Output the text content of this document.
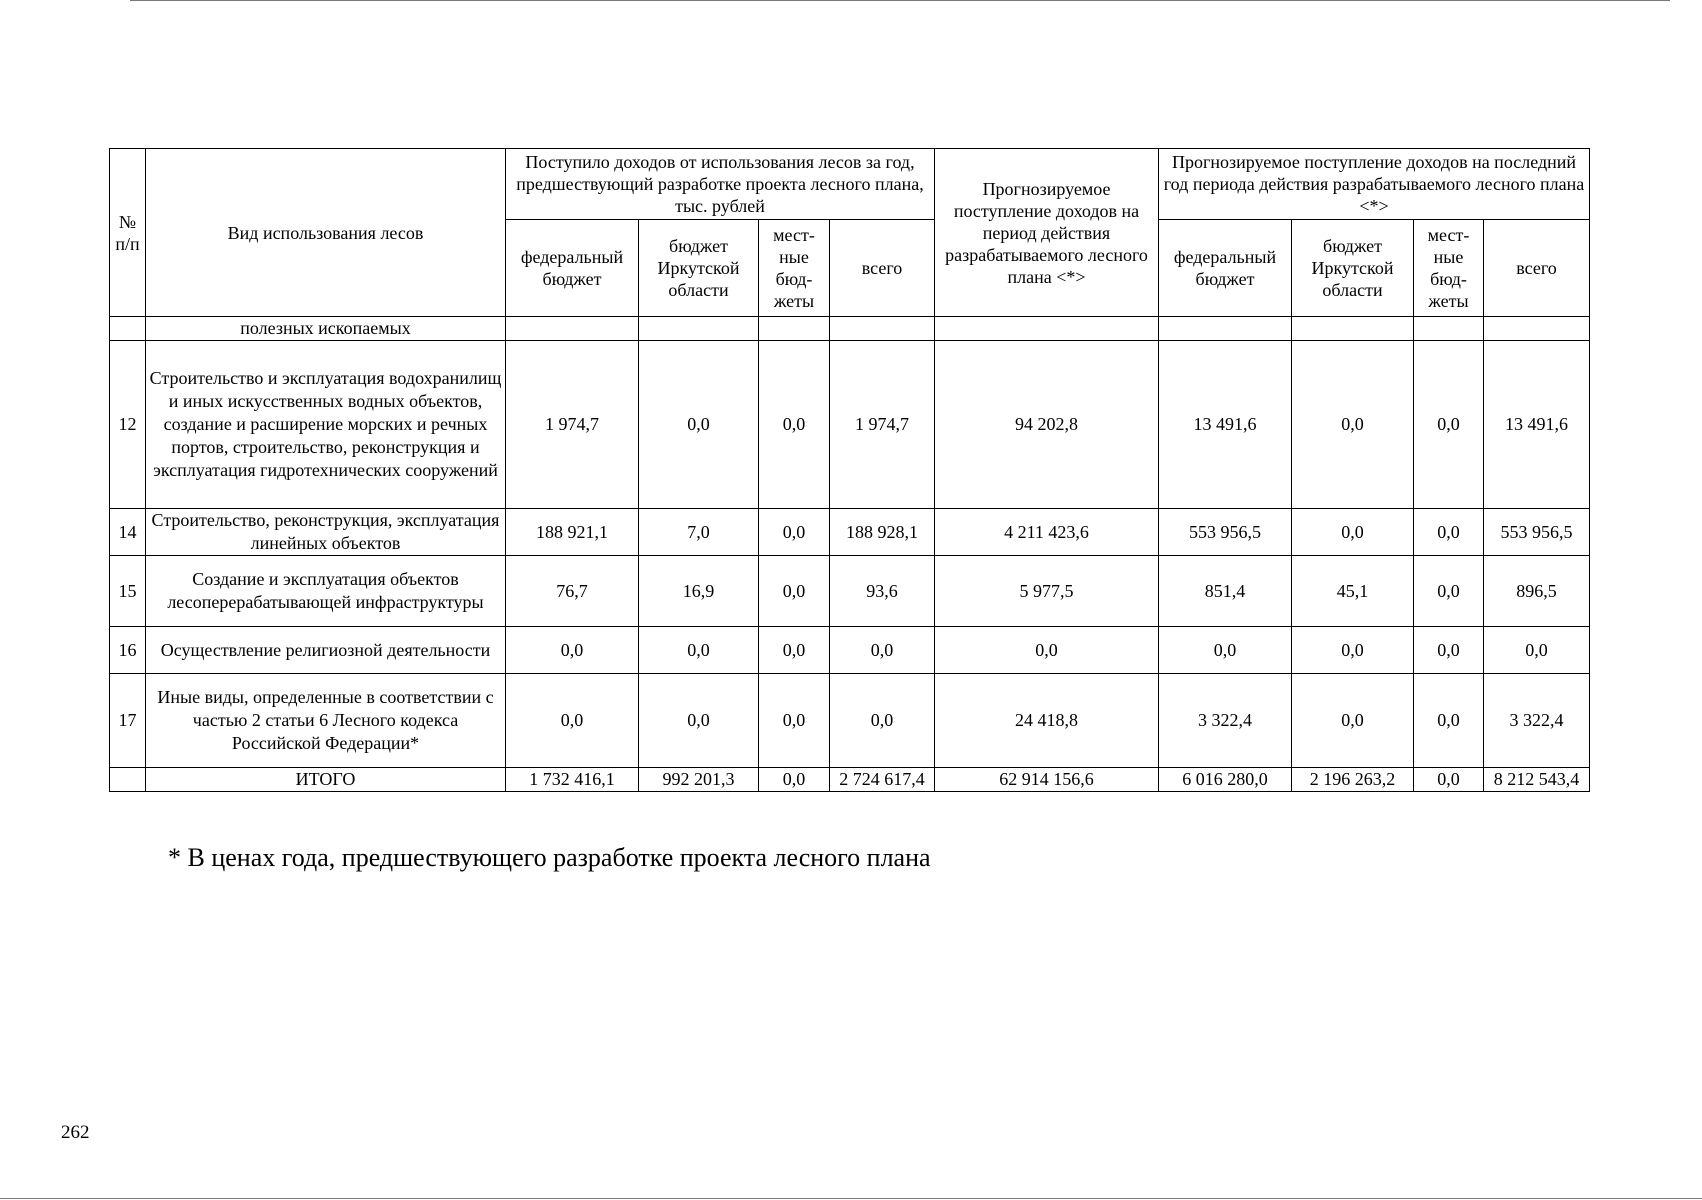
№ п/п	Вид использования лесов	Поступило доходов от использования лесов за год, предшествующий разработке проекта лесного плана, тыс. рублей				Прогнозируемое поступление доходов на период действия разрабатываемого лесного плана <*>	Прогнозируемое поступление доходов на последний год периода действия разрабатываемого лесного плана <*>			
		федеральный бюджет	бюджет Иркутской области	мест-ные бюд-жеты	всего		федеральный бюджет	бюджет Иркутской области	мест-ные бюд-жеты	всего
	полезных ископаемых									
12	Строительство и эксплуатация водохранилищ и иных искусственных водных объектов, создание и расширение морских и речных портов, строительство, реконструкция и эксплуатация гидротехнических сооружений	1 974,7	0,0	0,0	1 974,7	94 202,8	13 491,6	0,0	0,0	13 491,6
14	Строительство, реконструкция, эксплуатация линейных объектов	188 921,1	7,0	0,0	188 928,1	4 211 423,6	553 956,5	0,0	0,0	553 956,5
15	Создание и эксплуатация объектов лесоперерабатывающей инфраструктуры	76,7	16,9	0,0	93,6	5 977,5	851,4	45,1	0,0	896,5
16	Осуществление религиозной деятельности	0,0	0,0	0,0	0,0	0,0	0,0	0,0	0,0	0,0
17	Иные виды, определенные в соответствии с частью 2 статьи 6 Лесного кодекса Российской Федерации*	0,0	0,0	0,0	0,0	24 418,8	3 322,4	0,0	0,0	3 322,4
	ИТОГО	1 732 416,1	992 201,3	0,0	2 724 617,4	62 914 156,6	6 016 280,0	2 196 263,2	0,0	8 212 543,4
* В ценах года, предшествующего разработке проекта лесного плана
262
